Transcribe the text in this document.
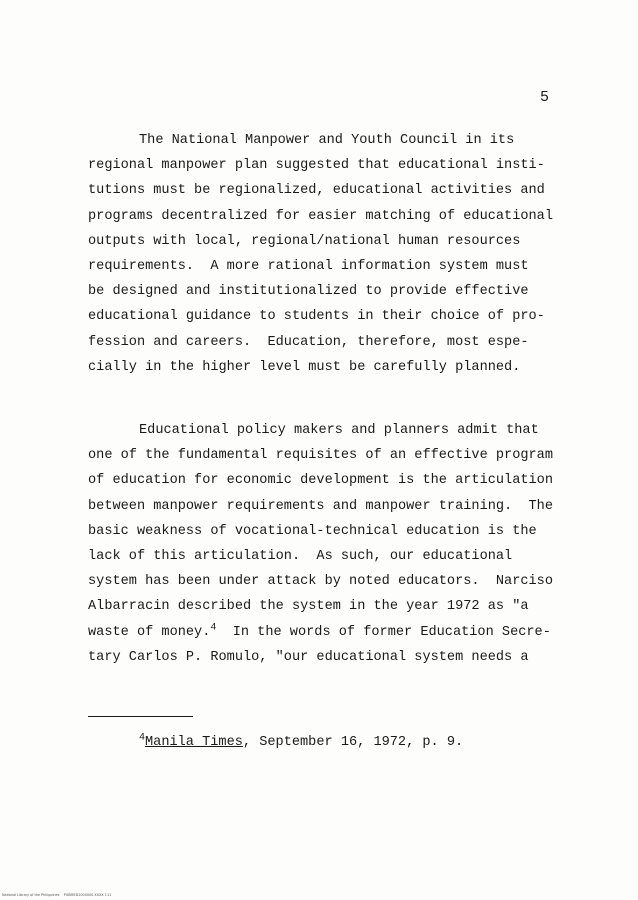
5
The National Manpower and Youth Council in its
regional manpower plan suggested that educational insti-
tutions must be regionalized, educational activities and
programs decentralized for easier matching of educational
outputs with local, regional/national human resources
requirements.  A more rational information system must
be designed and institutionalized to provide effective
educational guidance to students in their choice of pro-
fession and careers.  Education, therefore, most espe-
cially in the higher level must be carefully planned.
Educational policy makers and planners admit that
one of the fundamental requisites of an effective program
of education for economic development is the articulation
between manpower requirements and manpower training.  The
basic weakness of vocational-technical education is the
lack of this articulation.  As such, our educational
system has been under attack by noted educators.  Narciso
Albarracin described the system in the year 1972 as "a
waste of money.$^4$  In the words of former Education Secre-
tary Carlos P. Romulo, "our educational system needs a
$^4$Manila Times, September 16, 1972, p. 9.
National Library of the Philippines    PUBMED2000000 XXXX 111
